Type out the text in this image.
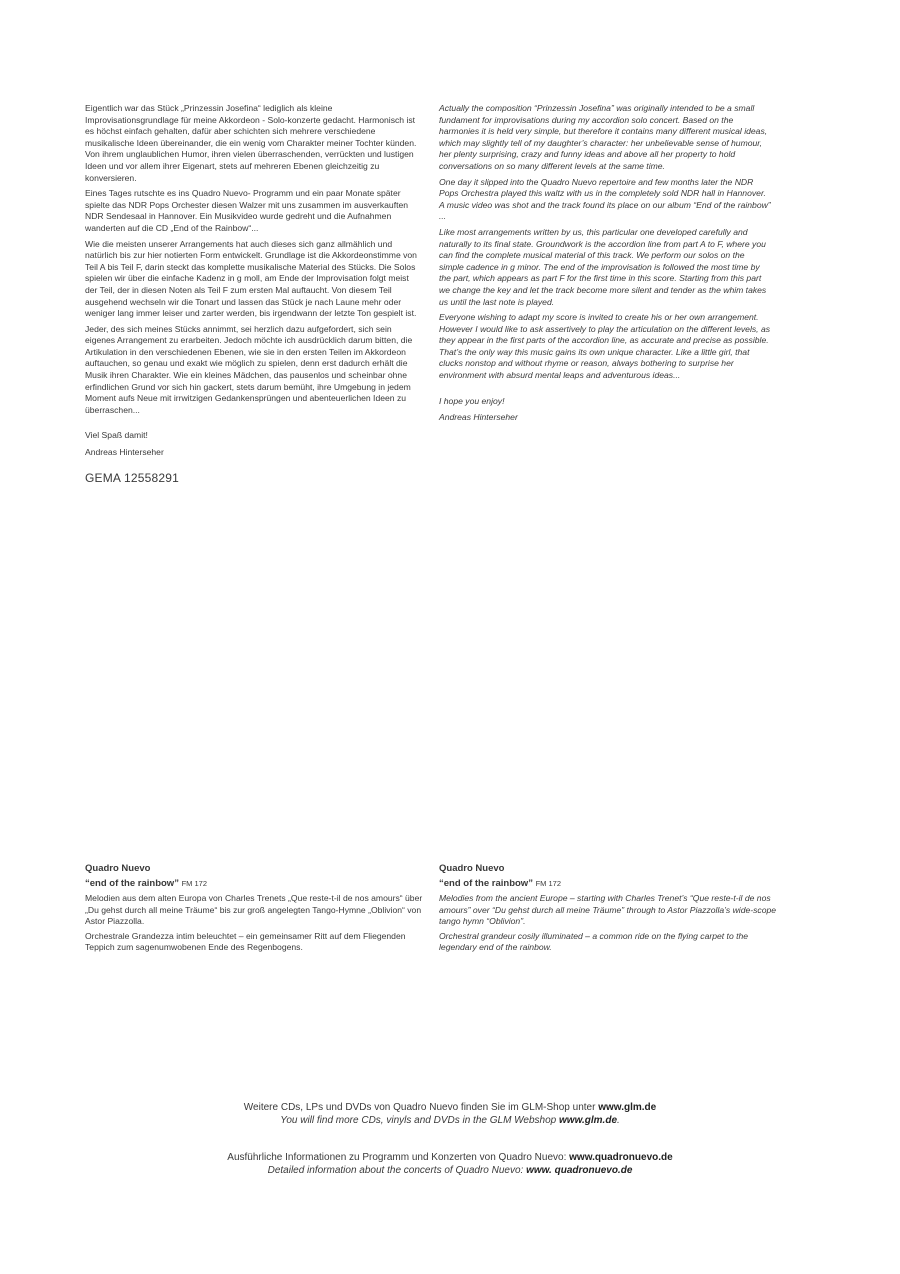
Eigentlich war das Stück „Prinzessin Josefina“ lediglich als kleine Improvisationsgrundlage für meine Akkordeon - Solo-konzerte gedacht. Harmonisch ist es höchst einfach gehalten, dafür aber schichten sich mehrere verschiedene musikalische Ideen übereinander, die ein wenig vom Charakter meiner Tochter künden. Von ihrem unglaublichen Humor, ihren vielen überraschenden, verrückten und lustigen Ideen und vor allem ihrer Eigenart, stets auf mehreren Ebenen gleichzeitig zu konversieren.

Eines Tages rutschte es ins Quadro Nuevo- Programm und ein paar Monate später spielte das NDR Pops Orchester diesen Walzer mit uns zusammen im ausverkauften NDR Sendesaal in Hannover. Ein Musikvideo wurde gedreht und die Aufnahmen wanderten auf die CD „End of the Rainbow“...

Wie die meisten unserer Arrangements hat auch dieses sich ganz allmählich und natürlich bis zur hier notierten Form entwickelt. Grundlage ist die Akkordeonstimme von Teil A bis Teil F, darin steckt das komplette musikalische Material des Stücks. Die Solos spielen wir über die einfache Kadenz in g moll, am Ende der Improvisation folgt meist der Teil, der in diesen Noten als Teil F zum ersten Mal auftaucht. Von diesem Teil ausgehend wechseln wir die Tonart und lassen das Stück je nach Laune mehr oder weniger lang immer leiser und zarter werden, bis irgendwann der letzte Ton gespielt ist.

Jeder, des sich meines Stücks annimmt, sei herzlich dazu aufgefordert, sich sein eigenes Arrangement zu erarbeiten. Jedoch möchte ich ausdrücklich darum bitten, die Artikulation in den verschiedenen Ebenen, wie sie in den ersten Teilen im Akkordeon auftauchen, so genau und exakt wie möglich zu spielen, denn erst dadurch erhält die Musik ihren Charakter. Wie ein kleines Mädchen, das pausenlos und scheinbar ohne erfindlichen Grund vor sich hin gackert, stets darum bemüht, ihre Umgebung in jedem Moment aufs Neue mit irrwitzigen Gedankensprüngen und abenteuerlichen Ideen zu überraschen...

Viel Spaß damit!

Andreas Hinterseher

GEMA 12558291

Actually the composition “Prinzessin Josefina” was originally intended to be a small fundament for improvisations during my accordion solo concert. Based on the harmonies it is held very simple, but therefore it contains many different musical ideas, which may slightly tell of my daughter’s character: her unbelievable sense of humour, her plenty surprising, crazy and funny ideas and above all her property to hold conversations on so many different levels at the same time.

One day it slipped into the Quadro Nuevo repertoire and few months later the NDR Pops Orchestra played this waltz with us in the completely sold NDR hall in Hannover. A music video was shot and the track found its place on our album “End of the rainbow” ...

Like most arrangements written by us, this particular one developed carefully and naturally to its final state. Groundwork is the accordion line from part A to F, where you can find the complete musical material of this track. We perform our solos on the simple cadence in g minor. The end of the improvisation is followed the most time by the part, which appears as part F for the first time in this score. Starting from this part we change the key and let the track become more silent and tender as the whim takes us until the last note is played.

Everyone wishing to adapt my score is invited to create his or her own arrangement. However I would like to ask assertively to play the articulation on the different levels, as they appear in the first parts of the accordion line, as accurate and precise as possible. That’s the only way this music gains its own unique character. Like a little girl, that clucks nonstop and without rhyme or reason, always bothering to surprise her environment with absurd mental leaps and adventurous ideas...

I hope you enjoy!

Andreas Hinterseher

Quadro Nuevo

“end of the rainbow” FM 172

Melodien aus dem alten Europa von Charles Trenets „Que reste-t-il de nos amours“ über „Du gehst durch all meine Träume“ bis zur groß angelegten Tango-Hymne „Oblivion“ von Astor Piazzolla.

Orchestrale Grandezza intim beleuchtet – ein gemeinsamer Ritt auf dem Fliegenden Teppich zum sagenumwobenen Ende des Regenbogens.

Quadro Nuevo

“end of the rainbow” FM 172

Melodies from the ancient Europe – starting with Charles Trenet’s “Que reste-t-il de nos amours” over “Du gehst durch all meine Träume” through to Astor Piazzolla’s wide-scope tango hymn “Oblivion”.

Orchestral grandeur cosily illuminated – a common ride on the flying carpet to the legendary end of the rainbow.

Weitere CDs, LPs und DVDs von Quadro Nuevo finden Sie im GLM-Shop unter www.glm.de

You will find more CDs, vinyls and DVDs in the GLM Webshop www.glm.de.

Ausführliche Informationen zu Programm und Konzerten von Quadro Nuevo: www.quadronuevo.de

Detailed information about the concerts of Quadro Nuevo: www. quadronuevo.de
